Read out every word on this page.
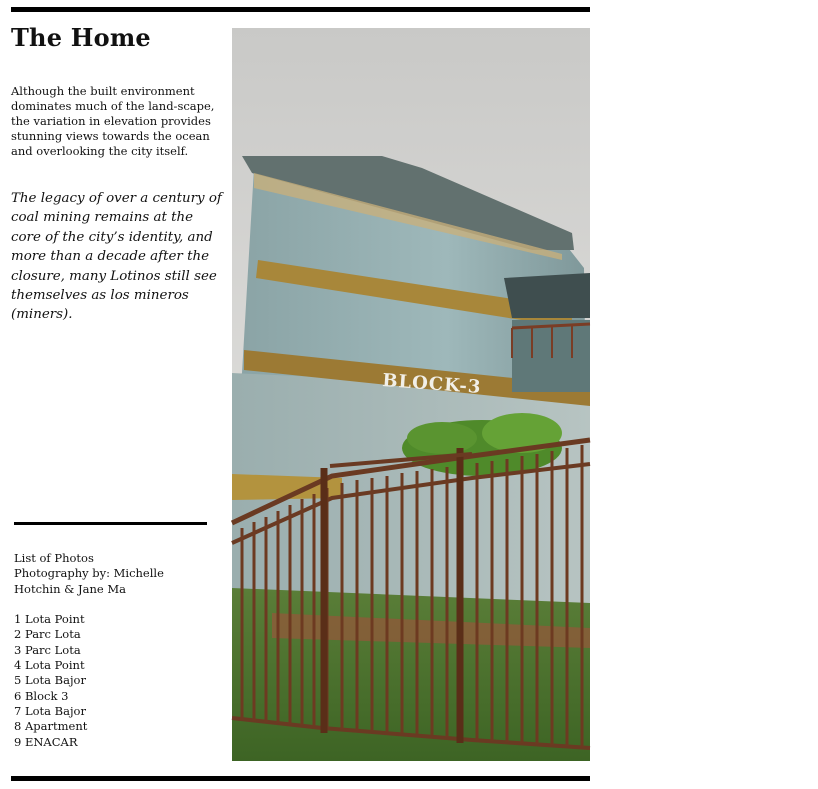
The Home

Although the built environment dominates much of the land-scape, the variation in elevation provides stunning views towards the ocean and overlooking the city itself.

The legacy of over a century of coal mining remains at the core of the city’s identity, and more than a decade after the closure, many Lotinos still see themselves as los mineros (miners).

List of Photos

Photography by: Michelle Hotchin & Jane Ma

1 Lota Point
2 Parc Lota
3 Parc Lota
4 Lota Point
5 Lota Bajor
6 Block 3
7 Lota Bajor
8 Apartment
9 ENACAR
BLOCK-3
6
